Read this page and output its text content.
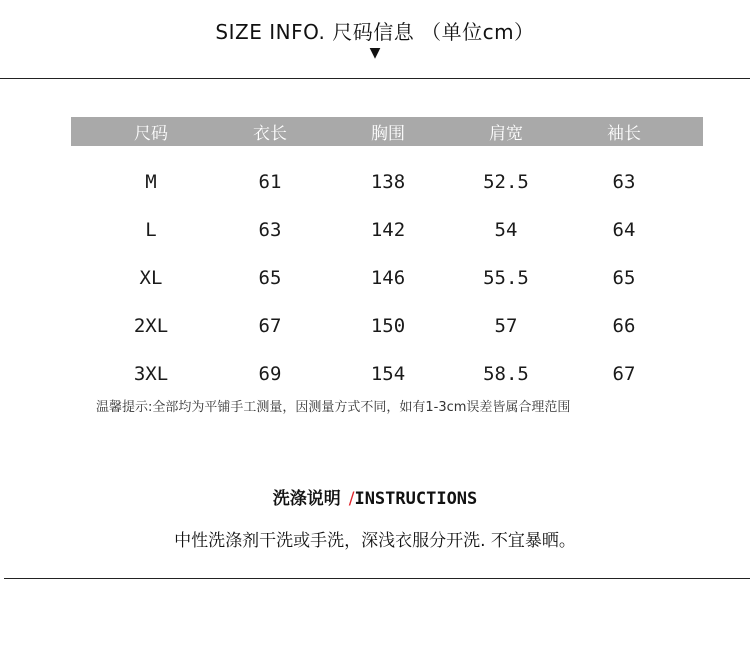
SIZE INFO. 尺码信息 （单位cm）
▼
尺码	衣长	胸围	肩宽	袖长
M	61	138	52.5	63
L	63	142	54	64
XL	65	146	55.5	65
2XL	67	150	57	66
3XL	69	154	58.5	67
温馨提示:全部均为平铺手工测量，因测量方式不同，如有1-3cm误差皆属合理范围
洗涤说明 /INSTRUCTIONS
中性洗涤剂干洗或手洗，深浅衣服分开洗. 不宜暴晒。
